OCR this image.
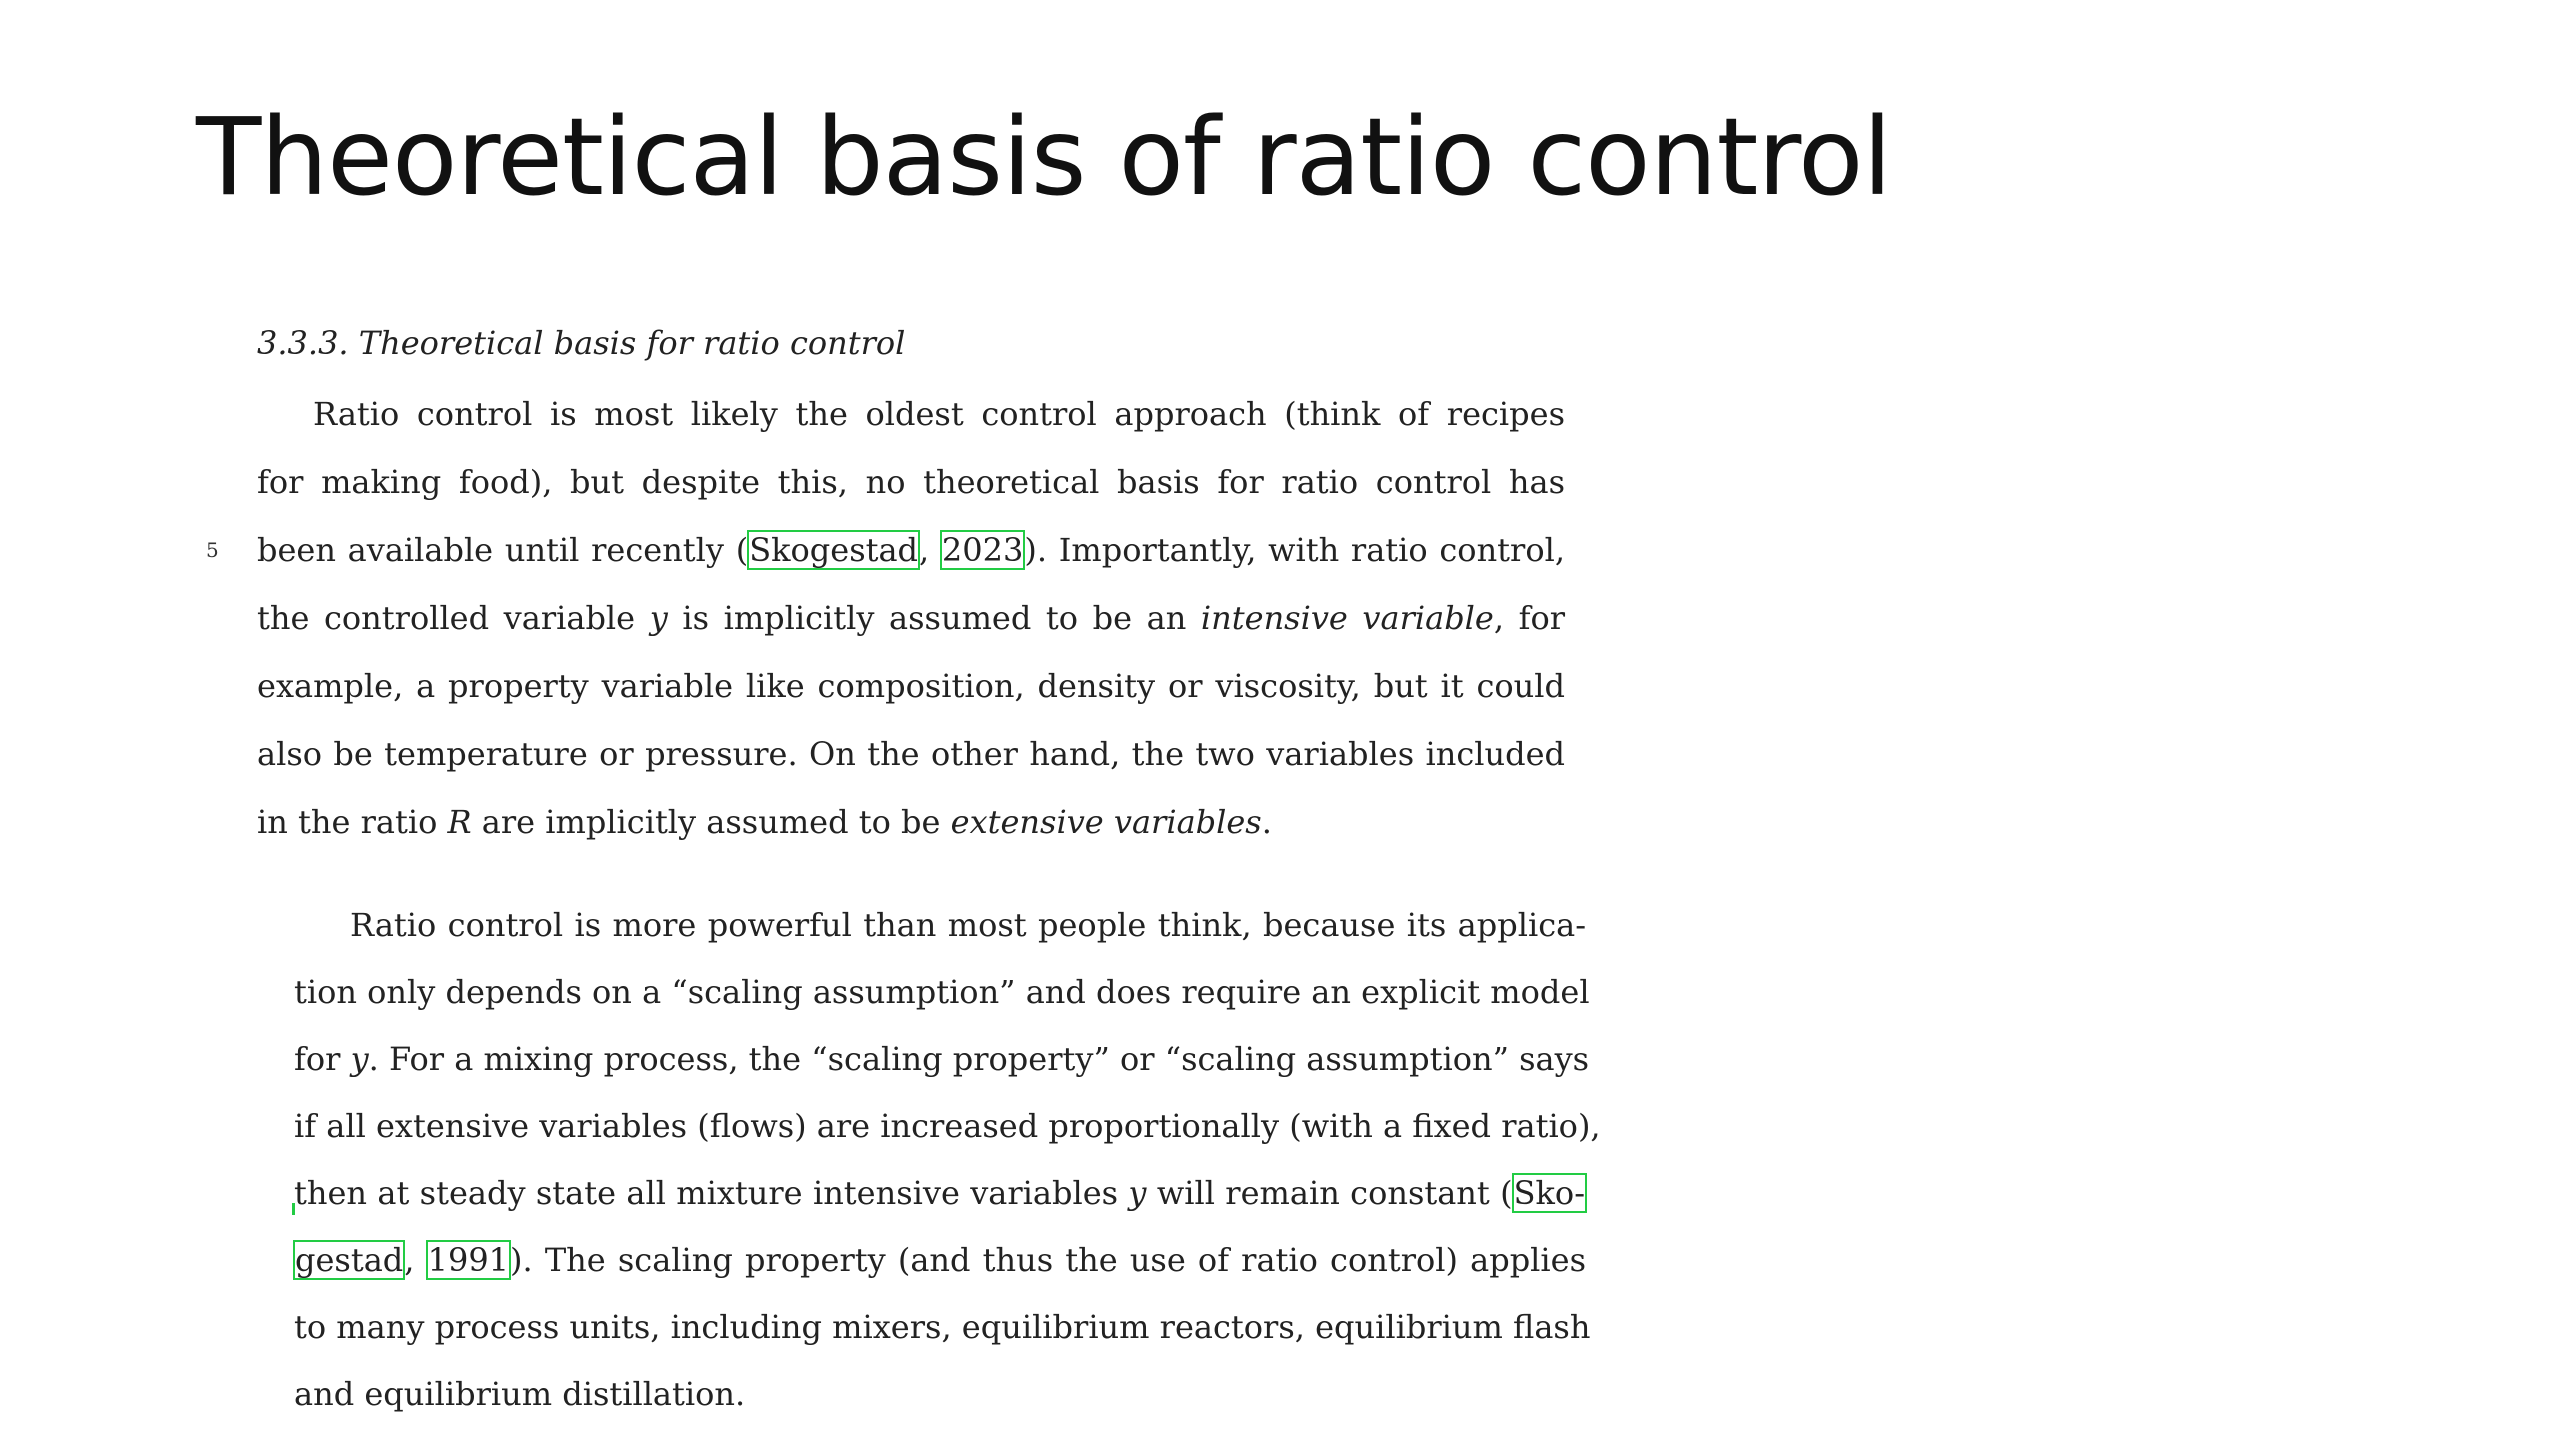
Theoretical basis of ratio control
5
3.3.3. Theoretical basis for ratio control
Ratio control is most likely the oldest control approach (think of recipes
for making food), but despite this, no theoretical basis for ratio control has
been available until recently (Skogestad, 2023). Importantly, with ratio control,
the controlled variable y is implicitly assumed to be an intensive variable, for
example, a property variable like composition, density or viscosity, but it could
also be temperature or pressure. On the other hand, the two variables included
in the ratio R are implicitly assumed to be extensive variables.
Ratio control is more powerful than most people think, because its applica-
tion only depends on a “scaling assumption” and does require an explicit model
for y. For a mixing process, the “scaling property” or “scaling assumption” says
if all extensive variables (flows) are increased proportionally (with a fixed ratio),
then at steady state all mixture intensive variables y will remain constant (Sko-
gestad, 1991). The scaling property (and thus the use of ratio control) applies
to many process units, including mixers, equilibrium reactors, equilibrium flash
and equilibrium distillation.
